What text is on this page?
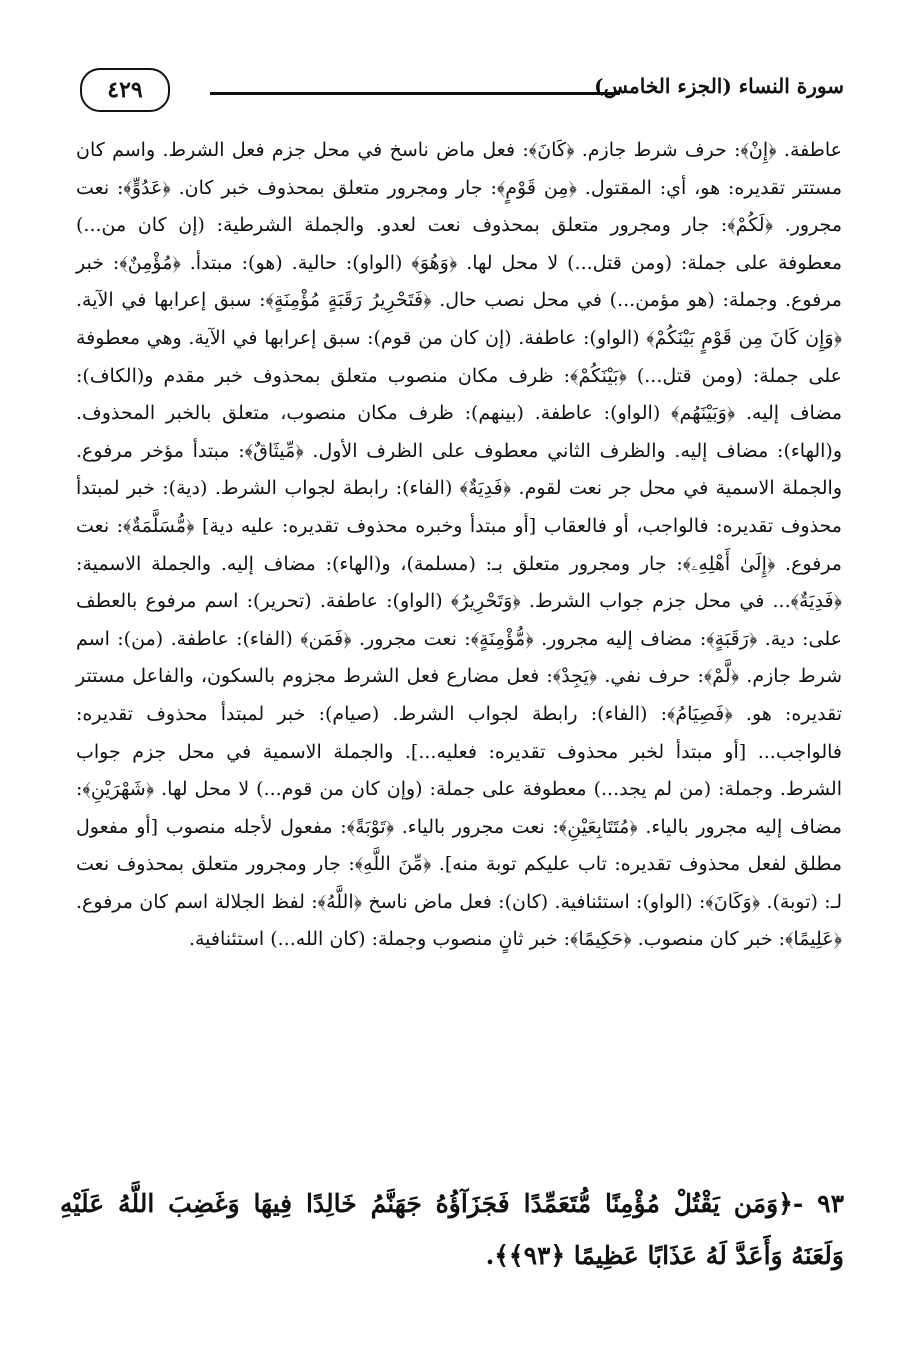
٤٢٩	سورة النساء (الجزء الخامس)

عاطفة. ﴿إِنْ﴾: حرف شرط جازم. ﴿كَانَ﴾: فعل ماض ناسخ في محل جزم فعل الشرط. واسم كان مستتر تقديره: هو، أي: المقتول. ﴿مِن قَوْمٍ﴾: جار ومجرور متعلق بمحذوف خبر كان. ﴿عَدُوٍّ﴾: نعت مجرور. ﴿لَكُمْ﴾: جار ومجرور متعلق بمحذوف نعت لعدو. والجملة الشرطية: (إن كان من...) معطوفة على جملة: (ومن قتل...) لا محل لها. ﴿وَهُوَ﴾ (الواو): حالية. (هو): مبتدأ. ﴿مُؤْمِنٌ﴾: خبر مرفوع. وجملة: (هو مؤمن...) في محل نصب حال. ﴿فَتَحْرِيرُ رَقَبَةٍ مُؤْمِنَةٍ﴾: سبق إعرابها في الآية. ﴿وَإِن كَانَ مِن قَوْمٍ بَيْنَكُمْ﴾ (الواو): عاطفة. (إن كان من قوم): سبق إعرابها في الآية. وهي معطوفة على جملة: (ومن قتل...) ﴿بَيْنَكُمْ﴾: ظرف مكان منصوب متعلق بمحذوف خبر مقدم و(الكاف): مضاف إليه. ﴿وَبَيْنَهُم﴾ (الواو): عاطفة. (بينهم): ظرف مكان منصوب، متعلق بالخبر المحذوف. و(الهاء): مضاف إليه. والظرف الثاني معطوف على الظرف الأول. ﴿مِّيثَاقٌ﴾: مبتدأ مؤخر مرفوع. والجملة الاسمية في محل جر نعت لقوم. ﴿فَدِيَةٌ﴾ (الفاء): رابطة لجواب الشرط. (دية): خبر لمبتدأ محذوف تقديره: فالواجب، أو فالعقاب [أو مبتدأ وخبره محذوف تقديره: عليه دية] ﴿مُّسَلَّمَةٌ﴾: نعت مرفوع. ﴿إِلَىٰ أَهْلِهِۦ﴾: جار ومجرور متعلق بـ: (مسلمة)، و(الهاء): مضاف إليه. والجملة الاسمية: ﴿فَدِيَةٌ﴾... في محل جزم جواب الشرط. ﴿وَتَحْرِيرُ﴾ (الواو): عاطفة. (تحرير): اسم مرفوع بالعطف على: دية. ﴿رَقَبَةٍ﴾: مضاف إليه مجرور. ﴿مُّؤْمِنَةٍ﴾: نعت مجرور. ﴿فَمَن﴾ (الفاء): عاطفة. (من): اسم شرط جازم. ﴿لَّمْ﴾: حرف نفي. ﴿يَجِدْ﴾: فعل مضارع فعل الشرط مجزوم بالسكون، والفاعل مستتر تقديره: هو. ﴿فَصِيَامُ﴾: (الفاء): رابطة لجواب الشرط. (صيام): خبر لمبتدأ محذوف تقديره: فالواجب... [أو مبتدأ لخبر محذوف تقديره: فعليه...]. والجملة الاسمية في محل جزم جواب الشرط. وجملة: (من لم يجد...) معطوفة على جملة: (وإن كان من قوم...) لا محل لها. ﴿شَهْرَيْنِ﴾: مضاف إليه مجرور بالياء. ﴿مُتَتَابِعَيْنِ﴾: نعت مجرور بالياء. ﴿تَوْبَةً﴾: مفعول لأجله منصوب [أو مفعول مطلق لفعل محذوف تقديره: تاب عليكم توبة منه]. ﴿مِّنَ اللَّهِ﴾: جار ومجرور متعلق بمحذوف نعت لـ: (توبة). ﴿وَكَانَ﴾: (الواو): استئنافية. (كان): فعل ماض ناسخ ﴿اللَّهُ﴾: لفظ الجلالة اسم كان مرفوع. ﴿عَلِيمًا﴾: خبر كان منصوب. ﴿حَكِيمًا﴾: خبر ثانٍ منصوب وجملة: (كان الله...) استئنافية.

٩٣ -﴿وَمَن يَقْتُلْ مُؤْمِنًا مُّتَعَمِّدًا فَجَزَآؤُهُ جَهَنَّمُ خَالِدًا فِيهَا وَغَضِبَ اللَّهُ عَلَيْهِ وَلَعَنَهُ وَأَعَدَّ لَهُ عَذَابًا عَظِيمًا ﴿٩٣﴾﴾.
